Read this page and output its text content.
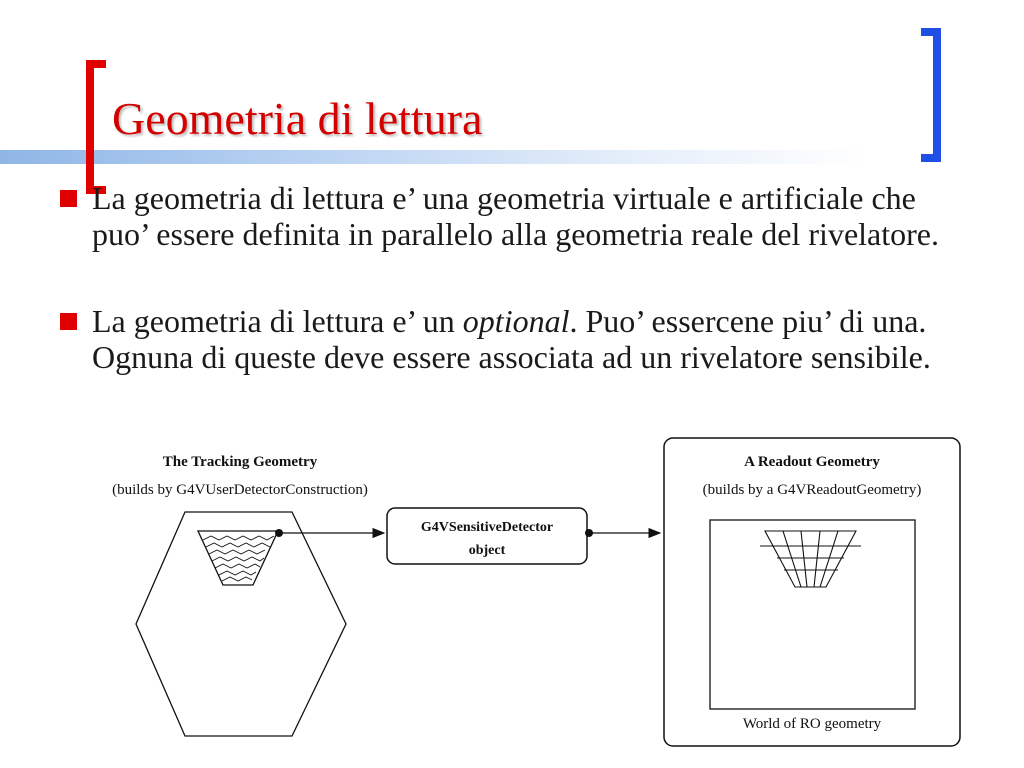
Geometria di lettura
La geometria di lettura e’ una geometria virtuale e artificiale che puo’ essere definita in parallelo alla geometria reale del rivelatore.
La geometria di lettura e’ un optional. Puo’ essercene piu’ di una. Ognuna di queste deve essere associata ad un rivelatore sensibile.
The Tracking Geometry
(builds by G4VUserDetectorConstruction)
G4VSensitiveDetector
object
A Readout Geometry
(builds by a G4VReadoutGeometry)
World of RO geometry
